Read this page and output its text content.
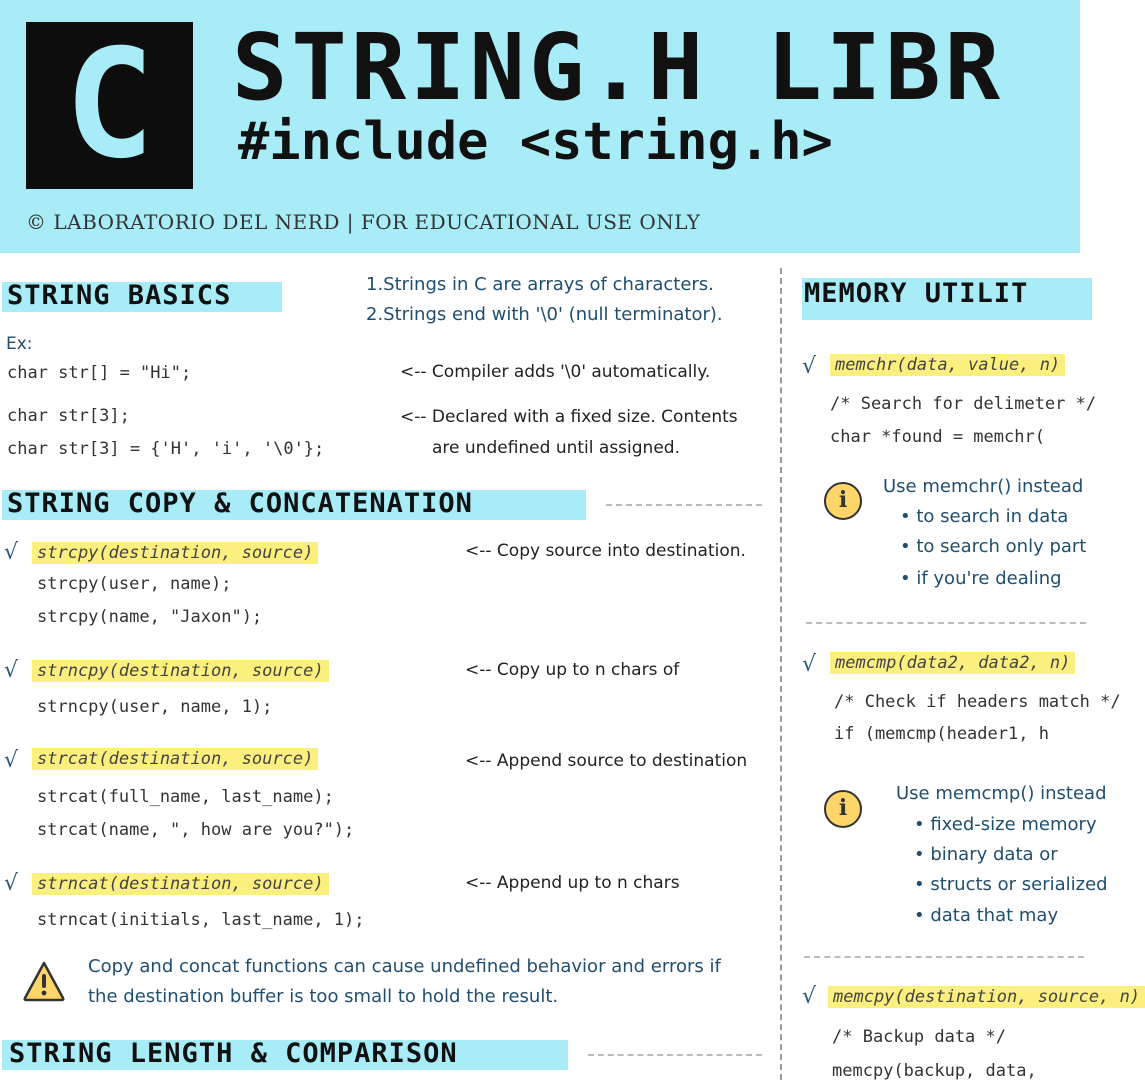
C STRING.H LIBR
#include <string.h>
© LABORATORIO DEL NERD | FOR EDUCATIONAL USE ONLY
STRING BASICS	1.Strings in C are arrays of characters.
2.Strings end with '\0' (null terminator).
Ex:
char str[] = "Hi";	<-- Compiler adds '\0' automatically.
char str[3];
char str[3] = {'H', 'i', '\0'};
<-- Declared with a fixed size. Contents
are undefined until assigned.
STRING COPY & CONCATENATION
√ strcpy(destination, source)	<-- Copy source into destination.
strcpy(user, name);
strcpy(name, "Jaxon");
√ strncpy(destination, source)	<-- Copy up to n chars of
strncpy(user, name, 1);
√ strcat(destination, source)	<-- Append source to destination
strcat(full_name, last_name);
strcat(name, ", how are you?");
√ strncat(destination, source)	<-- Append up to n chars
strncat(initials, last_name, 1);
Copy and concat functions can cause undefined behavior and errors if
the destination buffer is too small to hold the result.
STRING LENGTH & COMPARISON
MEMORY UTILIT
√ memchr(data, value, n)
/* Search for delimeter */
char *found = memchr(
i
Use memchr() instead
• to search in data
• to search only part
• if you're dealing
√ memcmp(data2, data2, n)
/* Check if headers match */
if (memcmp(header1, h
i
Use memcmp() instead
• fixed-size memory
• binary data or
• structs or serialized
• data that may
√ memcpy(destination, source, n)
/* Backup data */
memcpy(backup, data,
